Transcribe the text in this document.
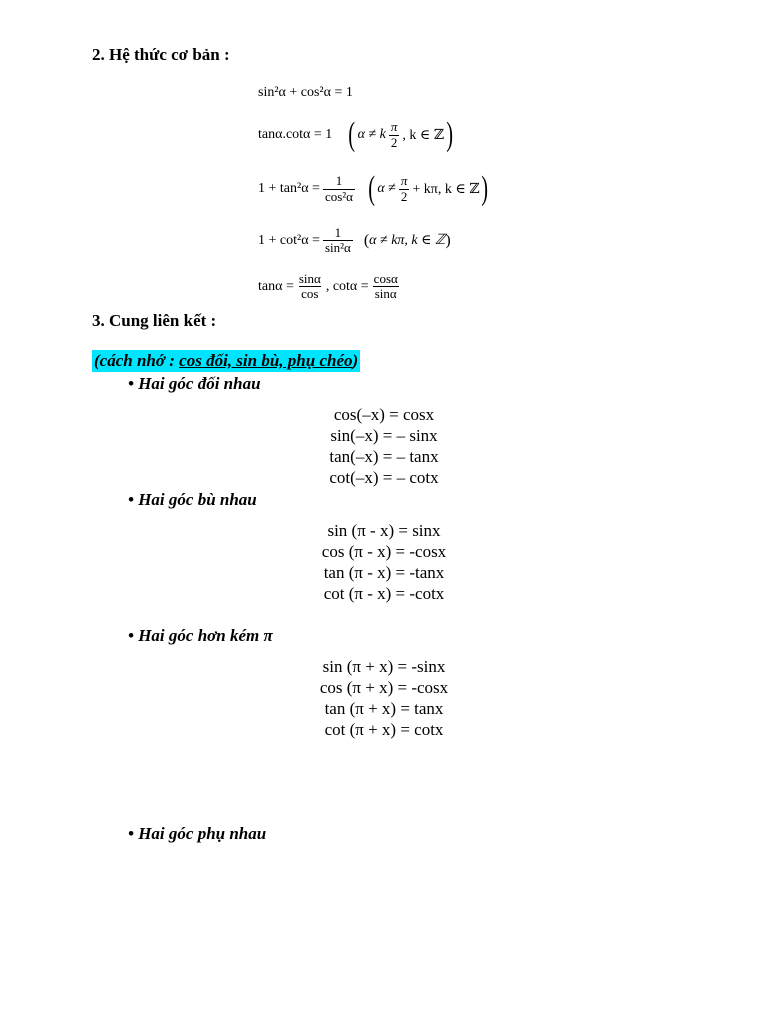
2. Hệ thức cơ bản :
sin²α + cos²α = 1
tanα.cotα = 1 ( α ≠ k $\frac{\pi}{2}$ , k ∈ ℤ )
$1 + \tan^2\alpha = \frac{1}{\text{cos²α}}$ ( $\alpha \ne \frac{\pi}{2} + k\pi$, k ∈ ℤ )
$1 + \cot^2\alpha = \frac{1}{\text{sin²α}}$ ( α ≠ kπ, k ∈ ℤ )
$\tan\alpha = \frac{\sin\alpha}{\cos}$ , $\cot\alpha = \frac{\cos\alpha}{\sin\alpha}$
3. Cung liên kết :
(cách nhớ : cos đối, sin bù, phụ chéo)
• Hai góc đối nhau
cos(–x) = cosx
sin(–x) = – sinx
tan(–x) = – tanx
cot(–x) = – cotx
• Hai góc bù nhau
sin (π - x) = sinx
cos (π - x) = -cosx
tan (π - x) = -tanx
cot (π - x) = -cotx
• Hai góc hơn kém π
sin (π + x) = -sinx
cos (π + x) = -cosx
tan (π + x) = tanx
cot (π + x) = cotx
• Hai góc phụ nhau
